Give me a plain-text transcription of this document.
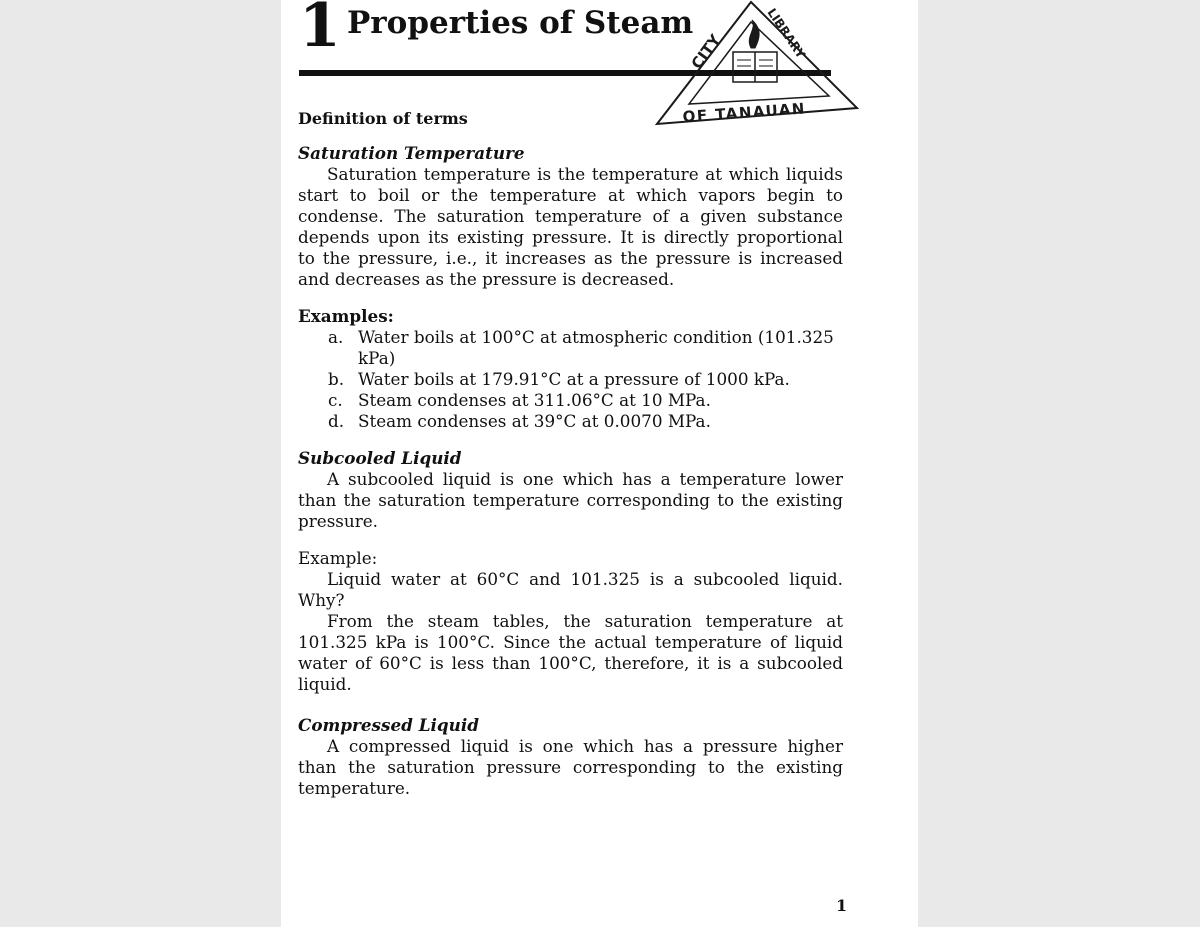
1 Properties of Steam
CITY	LIBRARY
OF TANAUAN
Definition of terms
Saturation Temperature

Saturation temperature is the temperature at which liquids start to boil or the temperature at which vapors begin to condense. The saturation temperature of a given substance depends upon its existing pressure. It is directly proportional to the pressure, i.e., it increases as the pressure is increased and decreases as the pressure is decreased.

Examples:
a. Water boils at 100°C at atmospheric condition (101.325 kPa)
b. Water boils at 179.91°C at a pressure of 1000 kPa.
c. Steam condenses at 311.06°C at 10 MPa.
d. Steam condenses at 39°C at 0.0070 MPa.
Subcooled Liquid

A subcooled liquid is one which has a temperature lower than the saturation temperature corresponding to the existing pressure.

Example:

Liquid water at 60°C and 101.325 is a subcooled liquid. Why?

From the steam tables, the saturation temperature at 101.325 kPa is 100°C. Since the actual temperature of liquid water of 60°C is less than 100°C, therefore, it is a subcooled liquid.

Compressed Liquid

A compressed liquid is one which has a pressure higher than the saturation pressure corresponding to the existing temperature.

1
